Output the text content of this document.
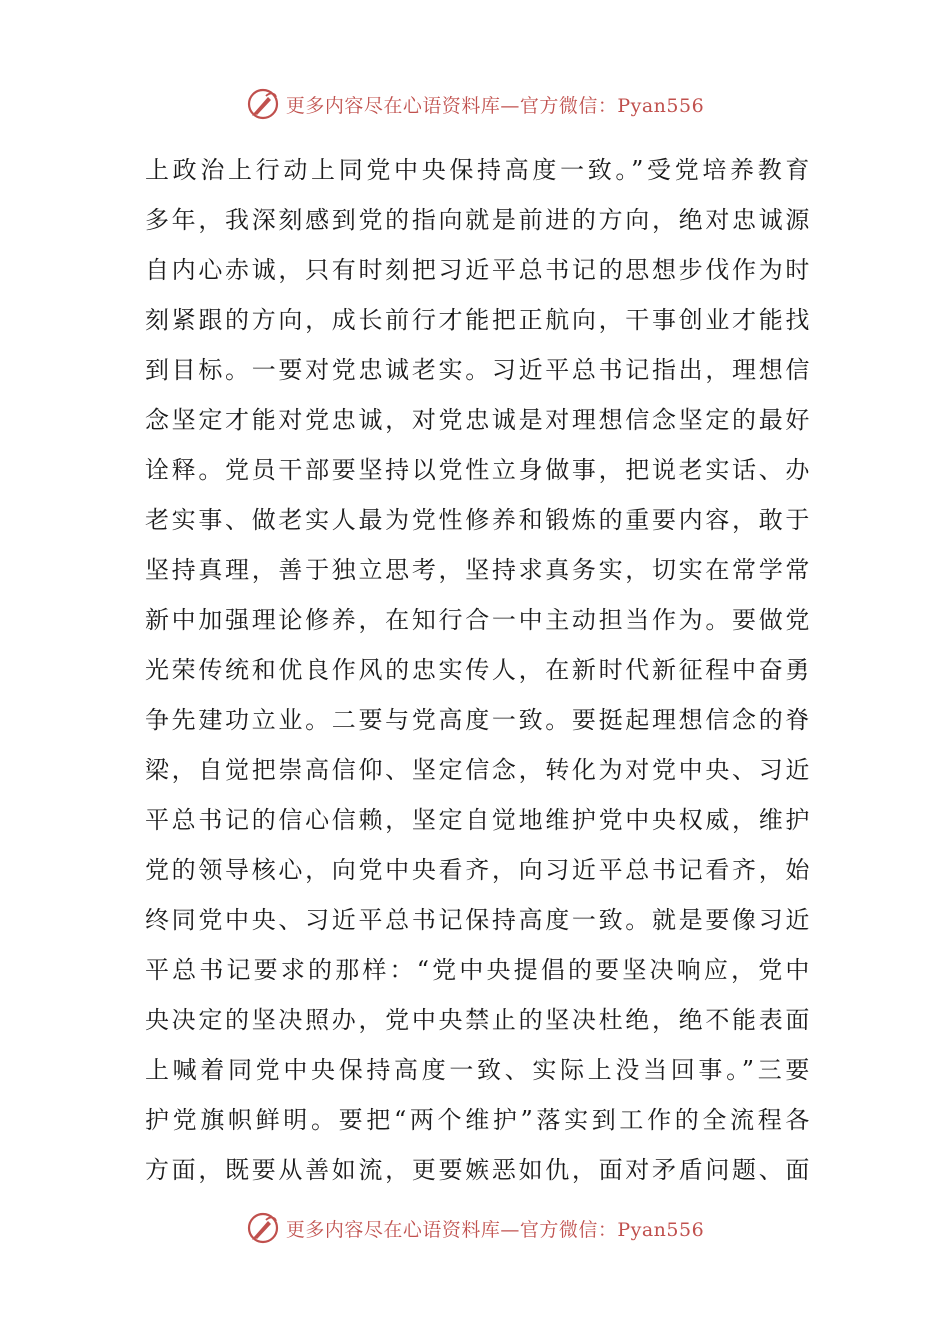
更多内容尽在心语资料库—官方微信：Pyan556
上政治上行动上同党中央保持高度一致。”受党培养教育
多年，我深刻感到党的指向就是前进的方向，绝对忠诚源
自内心赤诚，只有时刻把习近平总书记的思想步伐作为时
刻紧跟的方向，成长前行才能把正航向，干事创业才能找
到目标。一要对党忠诚老实。习近平总书记指出，理想信
念坚定才能对党忠诚，对党忠诚是对理想信念坚定的最好
诠释。党员干部要坚持以党性立身做事，把说老实话、办
老实事、做老实人最为党性修养和锻炼的重要内容，敢于
坚持真理，善于独立思考，坚持求真务实，切实在常学常
新中加强理论修养，在知行合一中主动担当作为。要做党
光荣传统和优良作风的忠实传人，在新时代新征程中奋勇
争先建功立业。二要与党高度一致。要挺起理想信念的脊
梁，自觉把崇高信仰、坚定信念，转化为对党中央、习近
平总书记的信心信赖，坚定自觉地维护党中央权威，维护
党的领导核心，向党中央看齐，向习近平总书记看齐，始
终同党中央、习近平总书记保持高度一致。就是要像习近
平总书记要求的那样：“党中央提倡的要坚决响应，党中
央决定的坚决照办，党中央禁止的坚决杜绝，绝不能表面
上喊着同党中央保持高度一致、实际上没当回事。”三要
护党旗帜鲜明。要把“两个维护”落实到工作的全流程各
方面，既要从善如流，更要嫉恶如仇，面对矛盾问题、面
更多内容尽在心语资料库—官方微信：Pyan556
